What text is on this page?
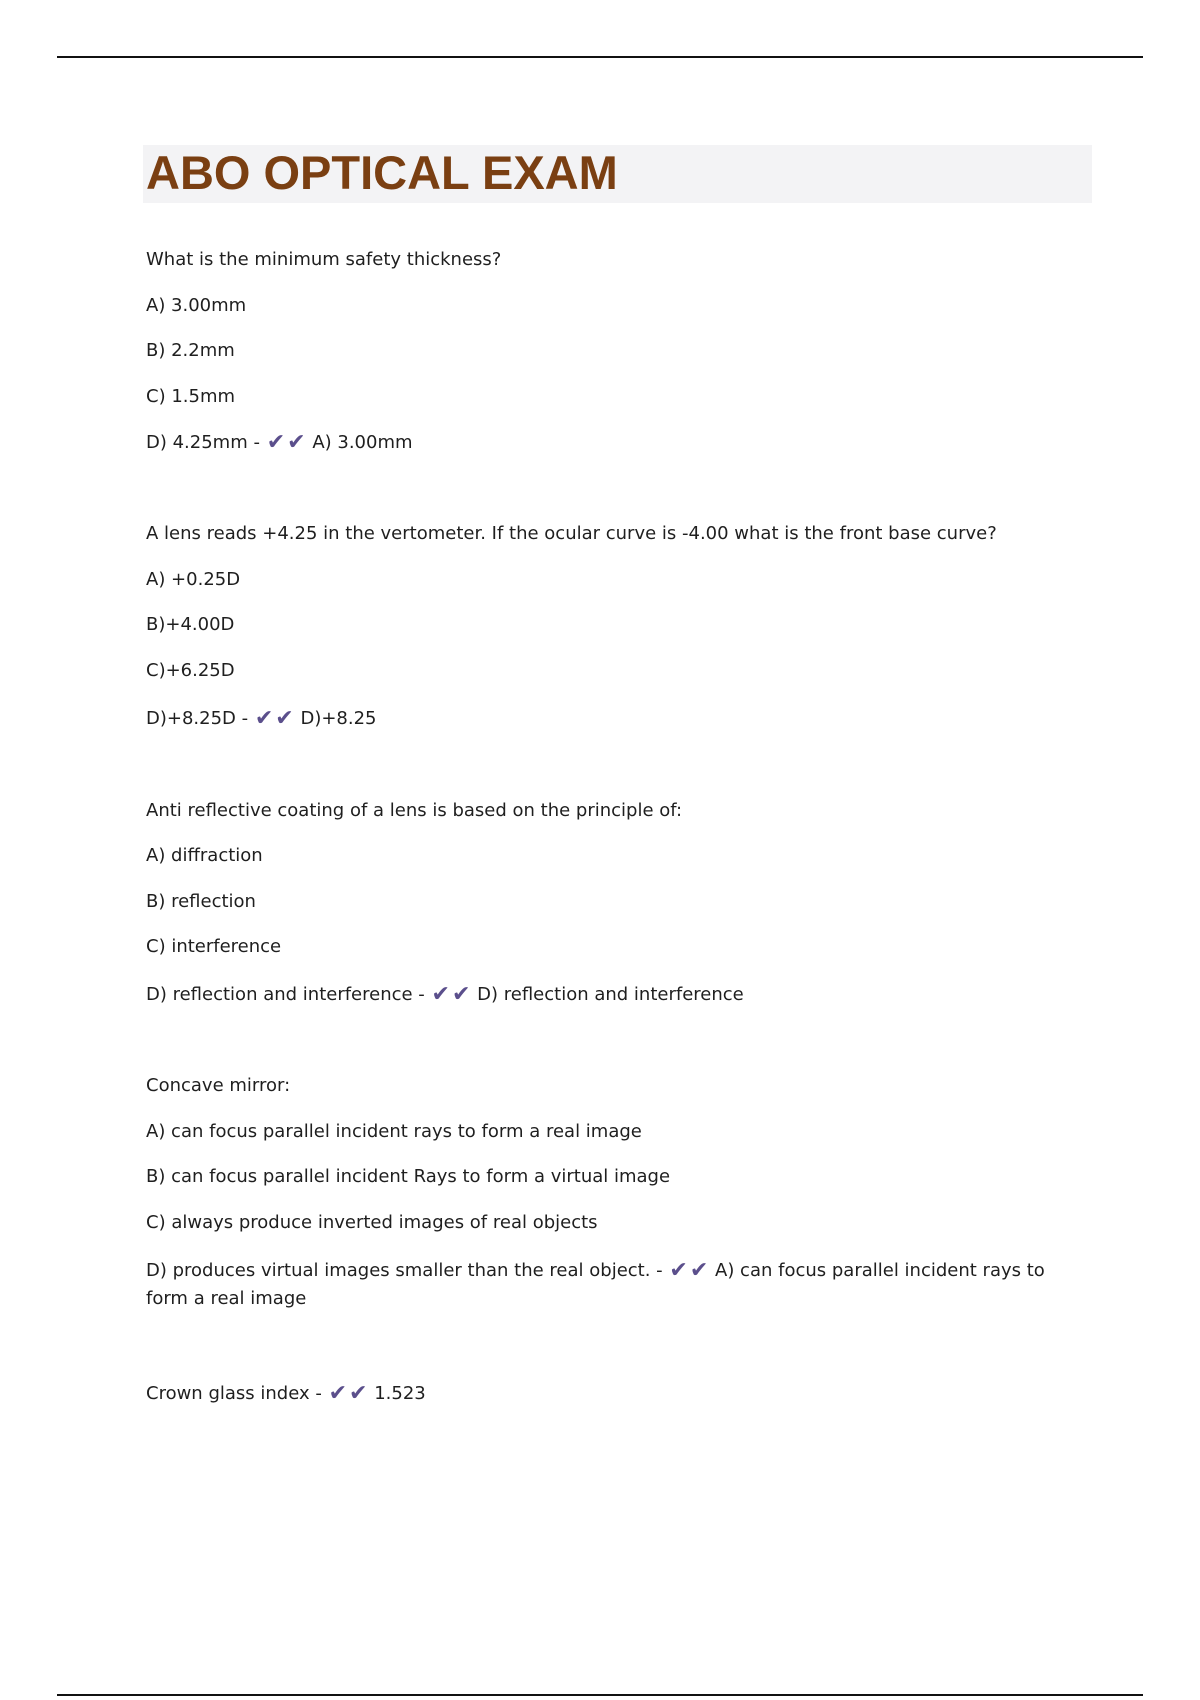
ABO OPTICAL EXAM
What is the minimum safety thickness?
A) 3.00mm
B) 2.2mm
C) 1.5mm
D) 4.25mm - ✔✔ A) 3.00mm
A lens reads +4.25 in the vertometer. If the ocular curve is -4.00 what is the front base curve?
A) +0.25D
B)+4.00D
C)+6.25D
D)+8.25D - ✔✔ D)+8.25
Anti reflective coating of a lens is based on the principle of:
A) diffraction
B) reflection
C) interference
D) reflection and interference - ✔✔ D) reflection and interference
Concave mirror:
A) can focus parallel incident rays to form a real image
B) can focus parallel incident Rays to form a virtual image
C) always produce inverted images of real objects
D) produces virtual images smaller than the real object. - ✔✔ A) can focus parallel incident rays to form a real image
Crown glass index - ✔✔ 1.523
